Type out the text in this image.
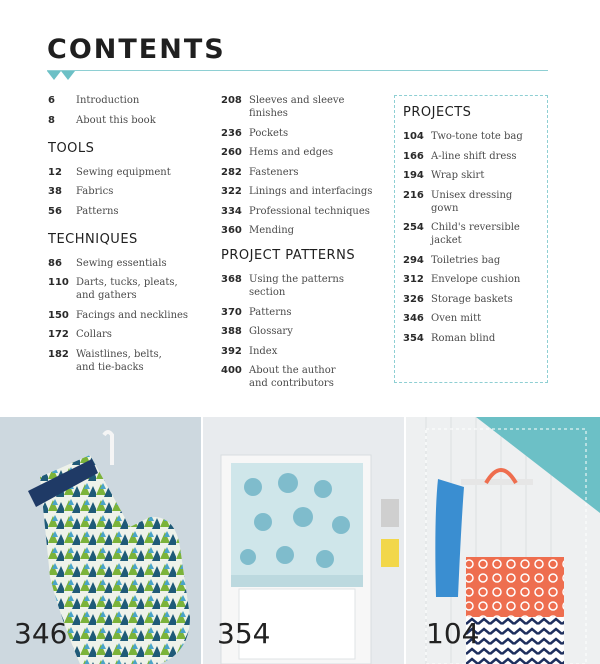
CONTENTS
6	Introduction
8	About this book
TOOLS
12	Sewing equipment
38	Fabrics
56	Patterns
TECHNIQUES
86	Sewing essentials
110 Darts, tucks, pleats,
and gathers
150 Facings and necklines
172 Collars
182 Waistlines, belts,
and tie-backs
208 Sleeves and sleeve
finishes
236 Pockets
260 Hems and edges
282 Fasteners
322 Linings and interfacings
334 Professional techniques
360 Mending
PROJECT PATTERNS
368 Using the patterns
section
370 Patterns
388 Glossary
392 Index
400 About the author
and contributors
PROJECTS
104 Two-tone tote bag
166 A-line shift dress
194 Wrap skirt
216 Unisex dressing
gown
254 Child's reversible
jacket
294 Toiletries bag
312 Envelope cushion
326 Storage baskets
346 Oven mitt
354 Roman blind
346	354	104
